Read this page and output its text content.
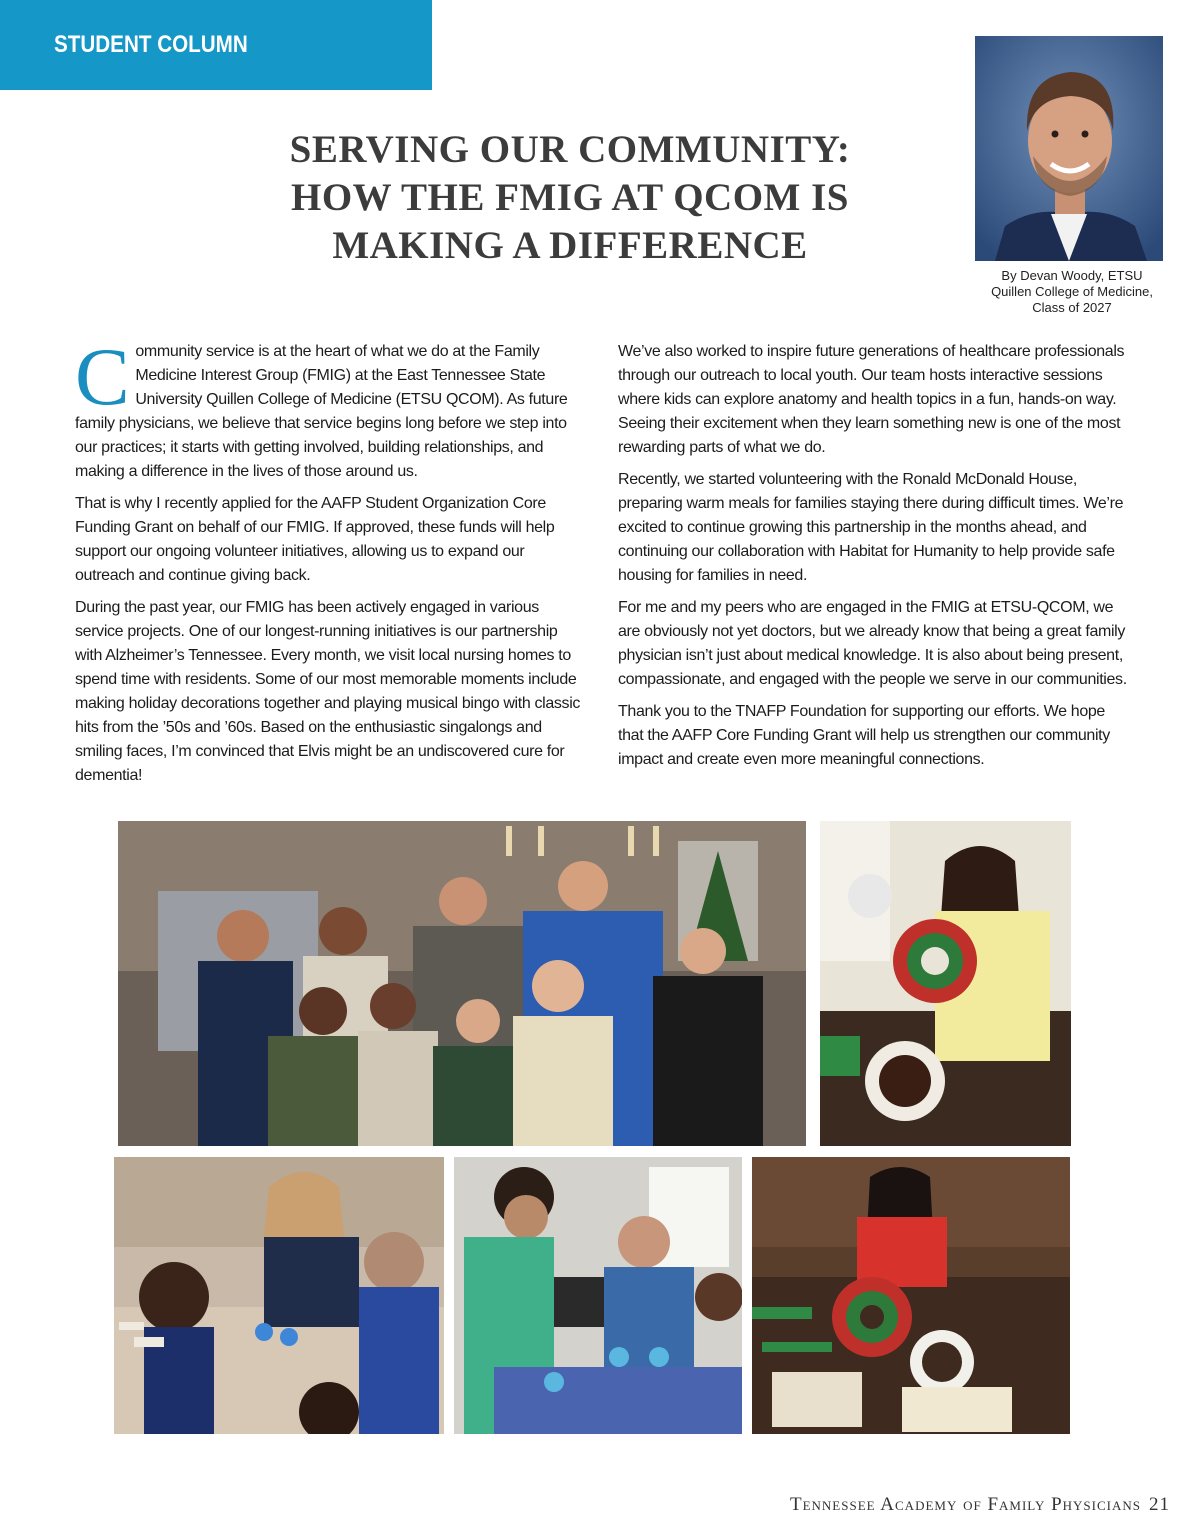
STUDENT COLUMN
SERVING OUR COMMUNITY:
HOW THE FMIG AT QCOM IS
MAKING A DIFFERENCE
By Devan Woody, ETSU
Quillen College of Medicine,
Class of 2027

Community service is at the heart of what we do at the Family Medicine Interest Group (FMIG) at the East Tennessee State University Quillen College of Medicine (ETSU QCOM). As future family physicians, we believe that service begins long before we step into our practices; it starts with getting involved, building relationships, and making a difference in the lives of those around us.

That is why I recently applied for the AAFP Student Organization Core Funding Grant on behalf of our FMIG. If approved, these funds will help support our ongoing volunteer initiatives, allowing us to expand our outreach and continue giving back.

During the past year, our FMIG has been actively engaged in various service projects. One of our longest-running initiatives is our partnership with Alzheimer’s Tennessee. Every month, we visit local nursing homes to spend time with residents. Some of our most memorable moments include making holiday decorations together and playing musical bingo with classic hits from the ’50s and ’60s. Based on the enthusiastic singalongs and smiling faces, I’m convinced that Elvis might be an undiscovered cure for dementia!

We’ve also worked to inspire future generations of healthcare professionals through our outreach to local youth. Our team hosts interactive sessions where kids can explore anatomy and health topics in a fun, hands-on way. Seeing their excitement when they learn something new is one of the most rewarding parts of what we do.

Recently, we started volunteering with the Ronald McDonald House, preparing warm meals for families staying there during difficult times. We’re excited to continue growing this partnership in the months ahead, and continuing our collaboration with Habitat for Humanity to help provide safe housing for families in need.

For me and my peers who are engaged in the FMIG at ETSU-QCOM, we are obviously not yet doctors, but we already know that being a great family physician isn’t just about medical knowledge. It is also about being present, compassionate, and engaged with the people we serve in our communities.

Thank you to the TNAFP Foundation for supporting our efforts. We hope that the AAFP Core Funding Grant will help us strengthen our community impact and create even more meaningful connections.

Tennessee Academy of Family Physicians 21
